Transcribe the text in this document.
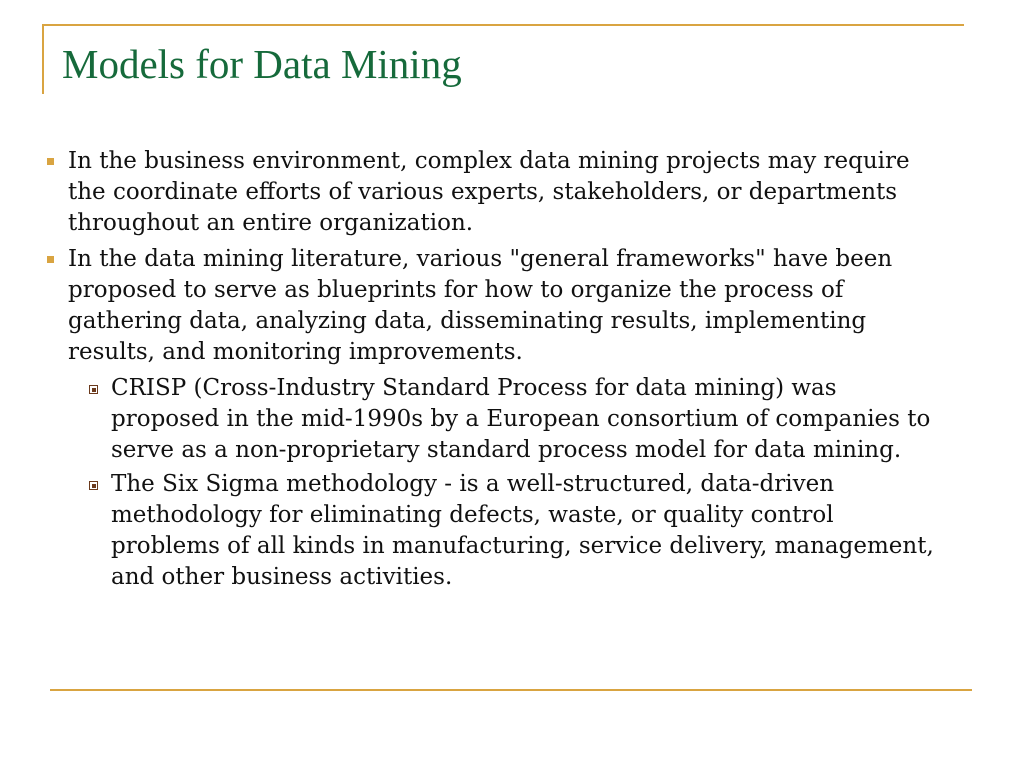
Models for Data Mining
In the business environment, complex data mining projects may require the coordinate efforts of various experts, stakeholders, or departments throughout an entire organization.
In the data mining literature, various "general frameworks" have been proposed to serve as blueprints for how to organize the process of gathering data, analyzing data, disseminating results, implementing results, and monitoring improvements.
CRISP (Cross-Industry Standard Process for data mining) was proposed in the mid-1990s by a European consortium of companies to serve as a non-proprietary standard process model for data mining.
The Six Sigma methodology - is a well-structured, data-driven methodology for eliminating defects, waste, or quality control problems of all kinds in manufacturing, service delivery, management, and other business activities.
